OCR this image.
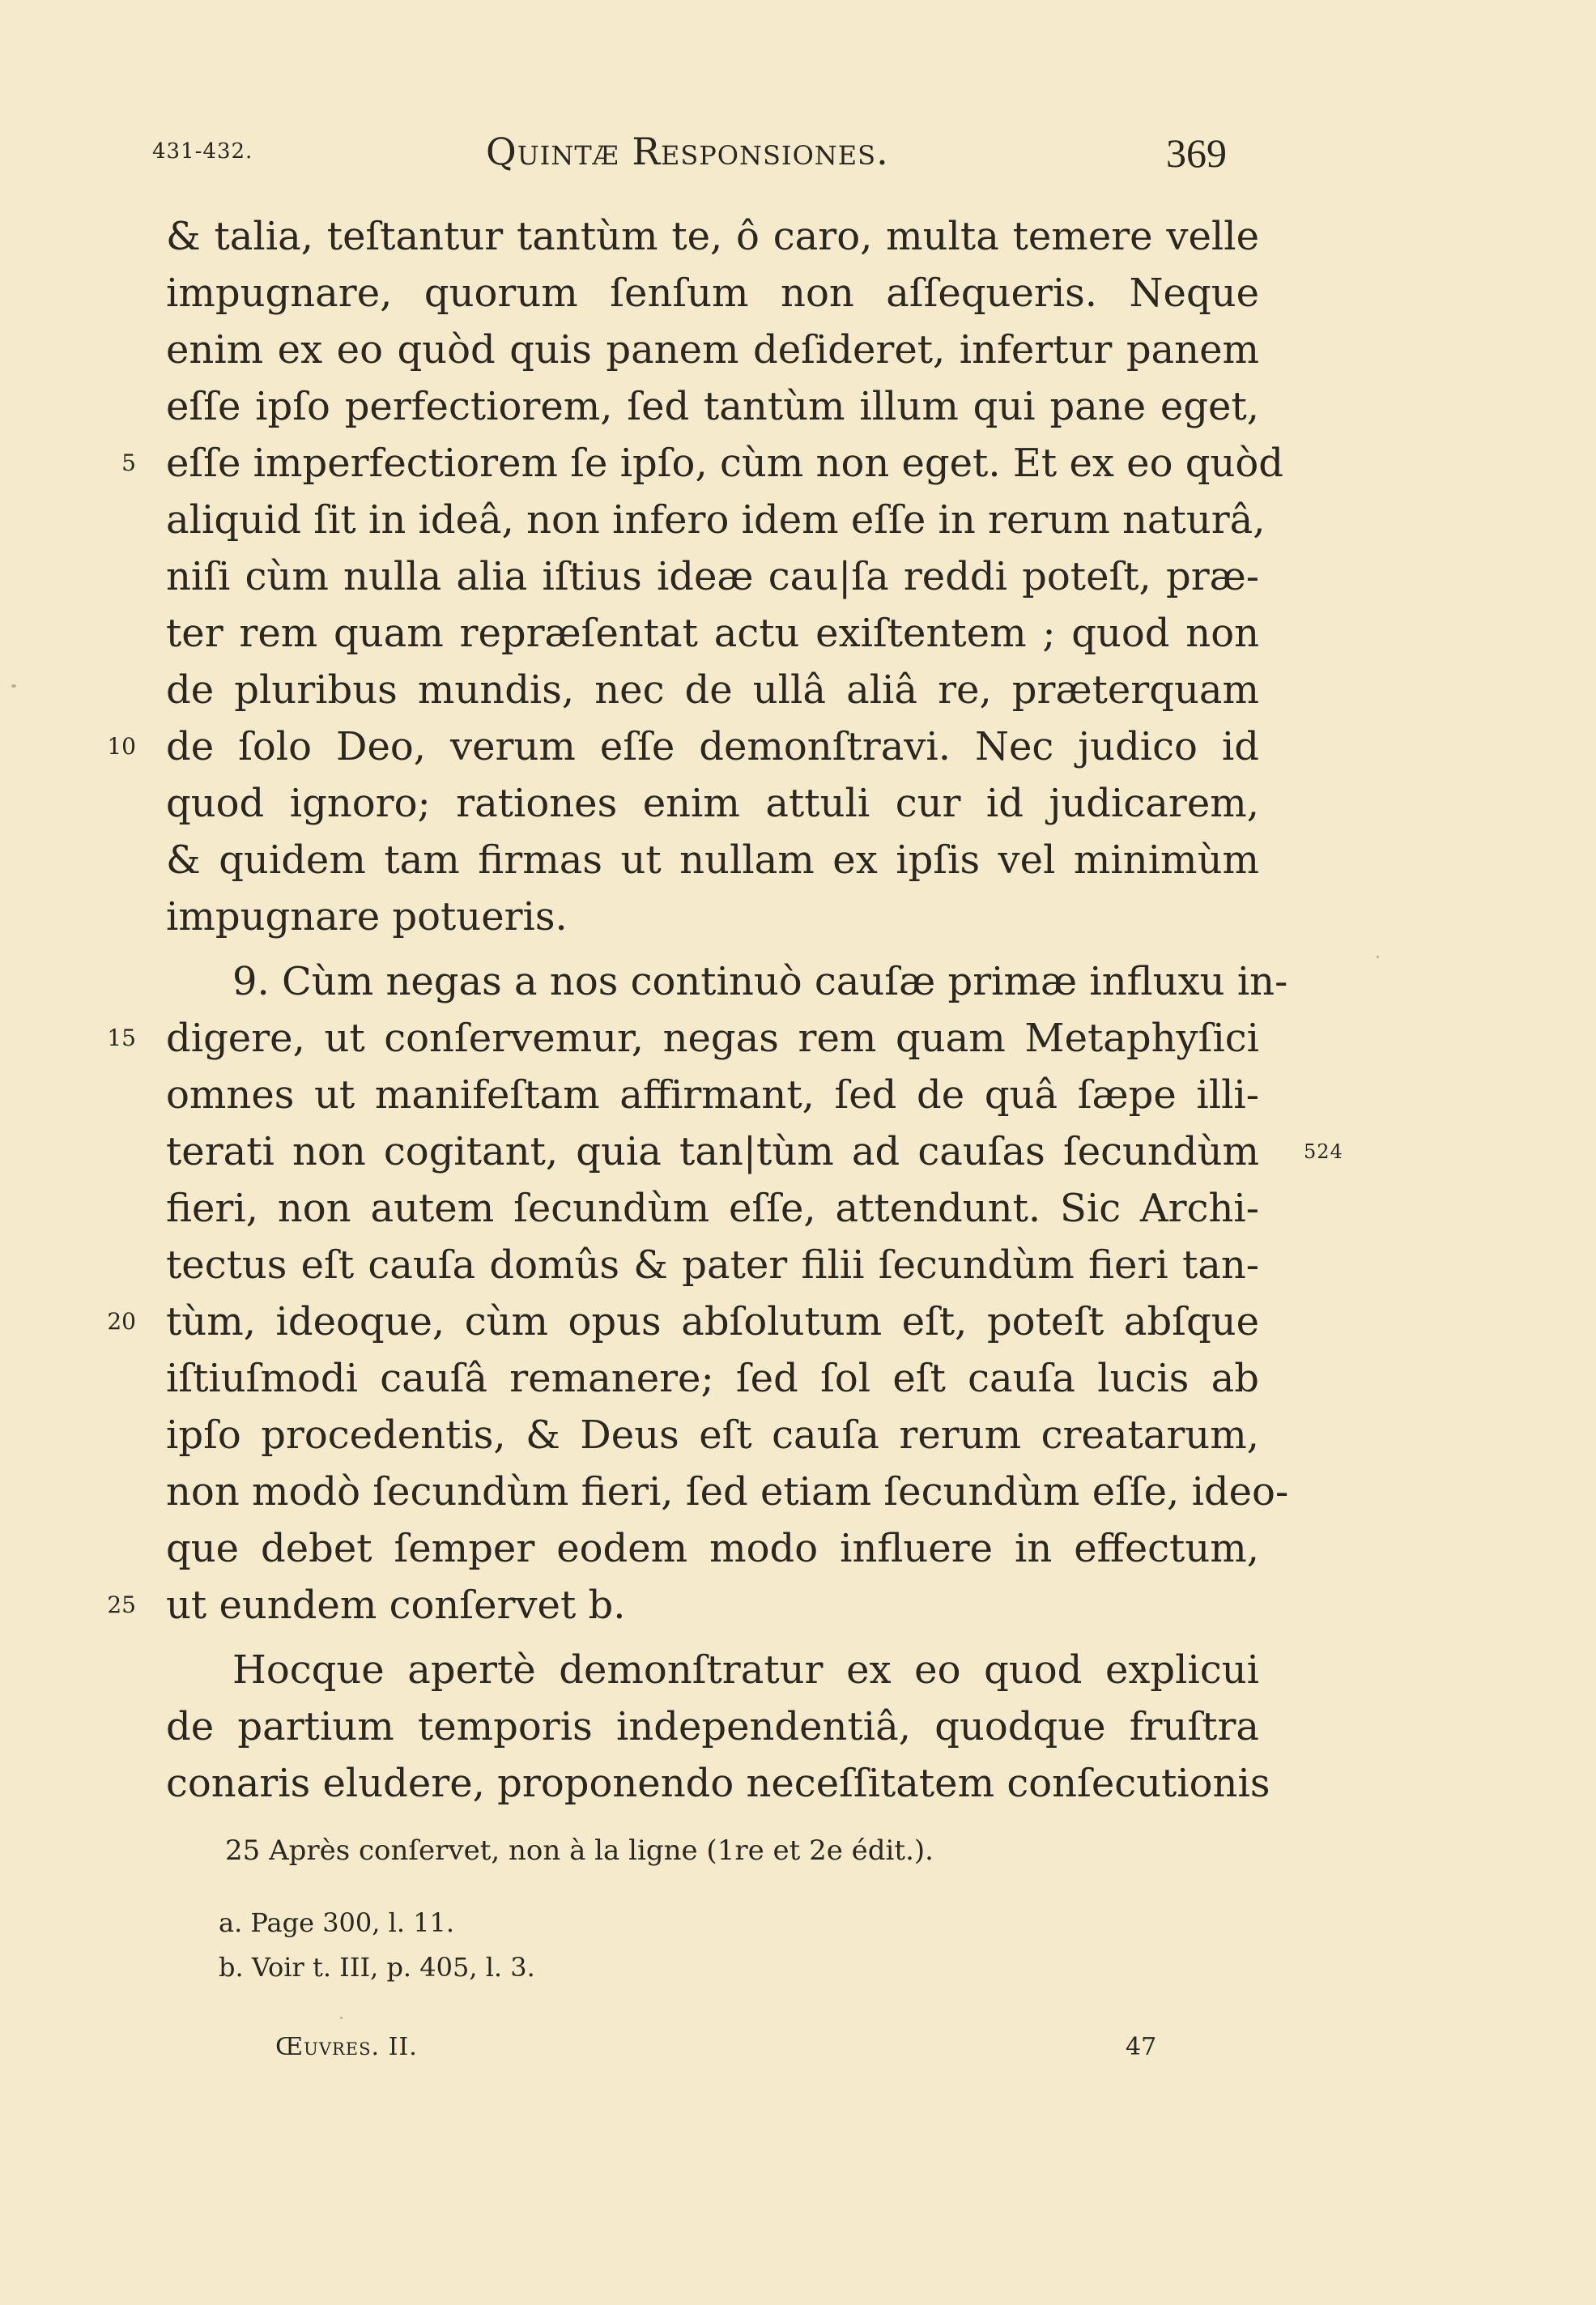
431-432.	Quintæ Responsiones.	369
& talia, teſtantur tantùm te, ô caro, multa temere velle
impugnare, quorum ſenſum non aſſequeris. Neque
enim ex eo quòd quis panem deſideret, infertur panem
eſſe ipſo perfectiorem, ſed tantùm illum qui pane eget,
eſſe imperfectiorem ſe ipſo, cùm non eget. Et ex eo quòd
aliquid ſit in ideâ, non infero idem eſſe in rerum naturâ,
niſi cùm nulla alia iſtius ideæ cau|ſa reddi poteſt, præ-
ter rem quam repræſentat actu exiſtentem ; quod non
de pluribus mundis, nec de ullâ aliâ re, præterquam
de ſolo Deo, verum eſſe demonſtravi. Nec judico id
quod ignoro; rationes enim attuli cur id judicarem,
& quidem tam firmas ut nullam ex ipſis vel minimùm
impugnare potueris.
9. Cùm negas a nos continuò cauſæ primæ influxu in-
digere, ut conſervemur, negas rem quam Metaphyſici
omnes ut manifeſtam affirmant, ſed de quâ ſæpe illi-
terati non cogitant, quia tan|tùm ad cauſas ſecundùm
fieri, non autem ſecundùm eſſe, attendunt. Sic Archi-
tectus eſt cauſa domûs & pater filii ſecundùm fieri tan-
tùm, ideoque, cùm opus abſolutum eſt, poteſt abſque
iſtiuſmodi cauſâ remanere; ſed ſol eſt cauſa lucis ab
ipſo procedentis, & Deus eſt cauſa rerum creatarum,
non modò ſecundùm fieri, ſed etiam ſecundùm eſſe, ideo-
que debet ſemper eodem modo influere in effectum,
ut eundem conſervet b.
Hocque apertè demonſtratur ex eo quod explicui
de partium temporis independentiâ, quodque fruſtra
conaris eludere, proponendo neceſſitatem conſecutionis
5
10
15
20
25
524
25 Après conſervet, non à la ligne (1re et 2e édit.).
a. Page 300, l. 11.
b. Voir t. III, p. 405, l. 3.
Œuvres. II.	47
